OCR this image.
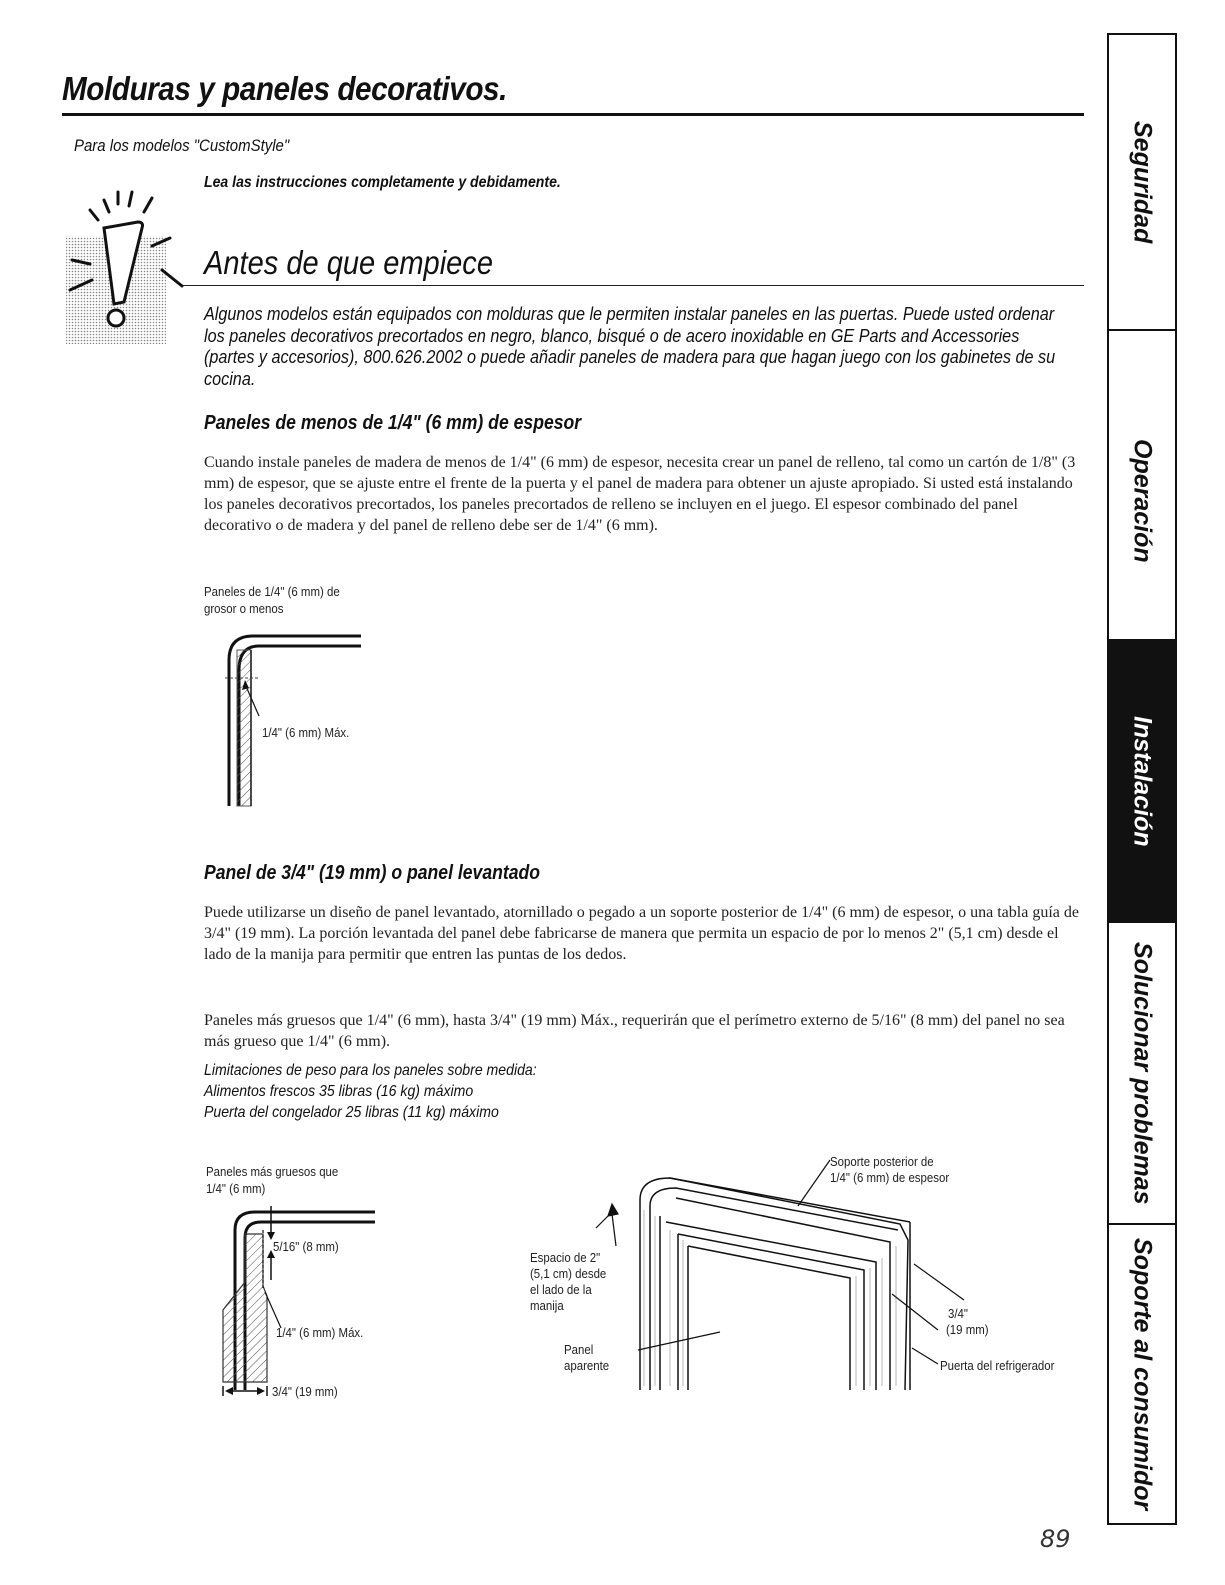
Molduras y paneles decorativos.
Para los modelos "CustomStyle"
Lea las instrucciones completamente y debidamente.
Antes de que empiece
Algunos modelos están equipados con molduras que le permiten instalar paneles en las puertas. Puede usted ordenar los paneles decorativos precortados en negro, blanco, bisqué o de acero inoxidable en GE Parts and Accessories (partes y accesorios), 800.626.2002 o puede añadir paneles de madera para que hagan juego con los gabinetes de su cocina.
Paneles de menos de 1/4" (6 mm) de espesor
Cuando instale paneles de madera de menos de 1/4" (6 mm) de espesor, necesita crear un panel de relleno, tal como un cartón de 1/8" (3 mm) de espesor, que se ajuste entre el frente de la puerta y el panel de madera para obtener un ajuste apropiado. Si usted está instalando los paneles decorativos precortados, los paneles precortados de relleno se incluyen en el juego. El espesor combinado del panel decorativo o de madera y del panel de relleno debe ser de 1/4" (6 mm).
Paneles de 1/4" (6 mm) de
grosor o menos
1/4" (6 mm) Máx.
Panel de 3/4" (19 mm) o panel levantado
Puede utilizarse un diseño de panel levantado, atornillado o pegado a un soporte posterior de 1/4" (6 mm) de espesor, o una tabla guía de 3/4" (19 mm). La porción levantada del panel debe fabricarse de manera que permita un espacio de por lo menos 2" (5,1 cm) desde el lado de la manija para permitir que entren las puntas de los dedos.
Paneles más gruesos que 1/4" (6 mm), hasta 3/4" (19 mm) Máx., requerirán que el perímetro externo de 5/16" (8 mm) del panel no sea más grueso que 1/4" (6 mm).
Limitaciones de peso para los paneles sobre medida:
Alimentos frescos 35 libras (16 kg) máximo
Puerta del congelador 25 libras (11 kg) máximo
Paneles más gruesos que
1/4" (6 mm)
5/16" (8 mm)
1/4" (6 mm) Máx.
3/4" (19 mm)
Soporte posterior de
1/4" (6 mm) de espesor
Espacio de 2"
(5,1 cm) desde
el lado de la
manija
Panel
aparente
3/4"
(19 mm)
Puerta del refrigerador
89
Seguridad
Operación
Instalación
Solucionar problemas
Soporte al consumidor
